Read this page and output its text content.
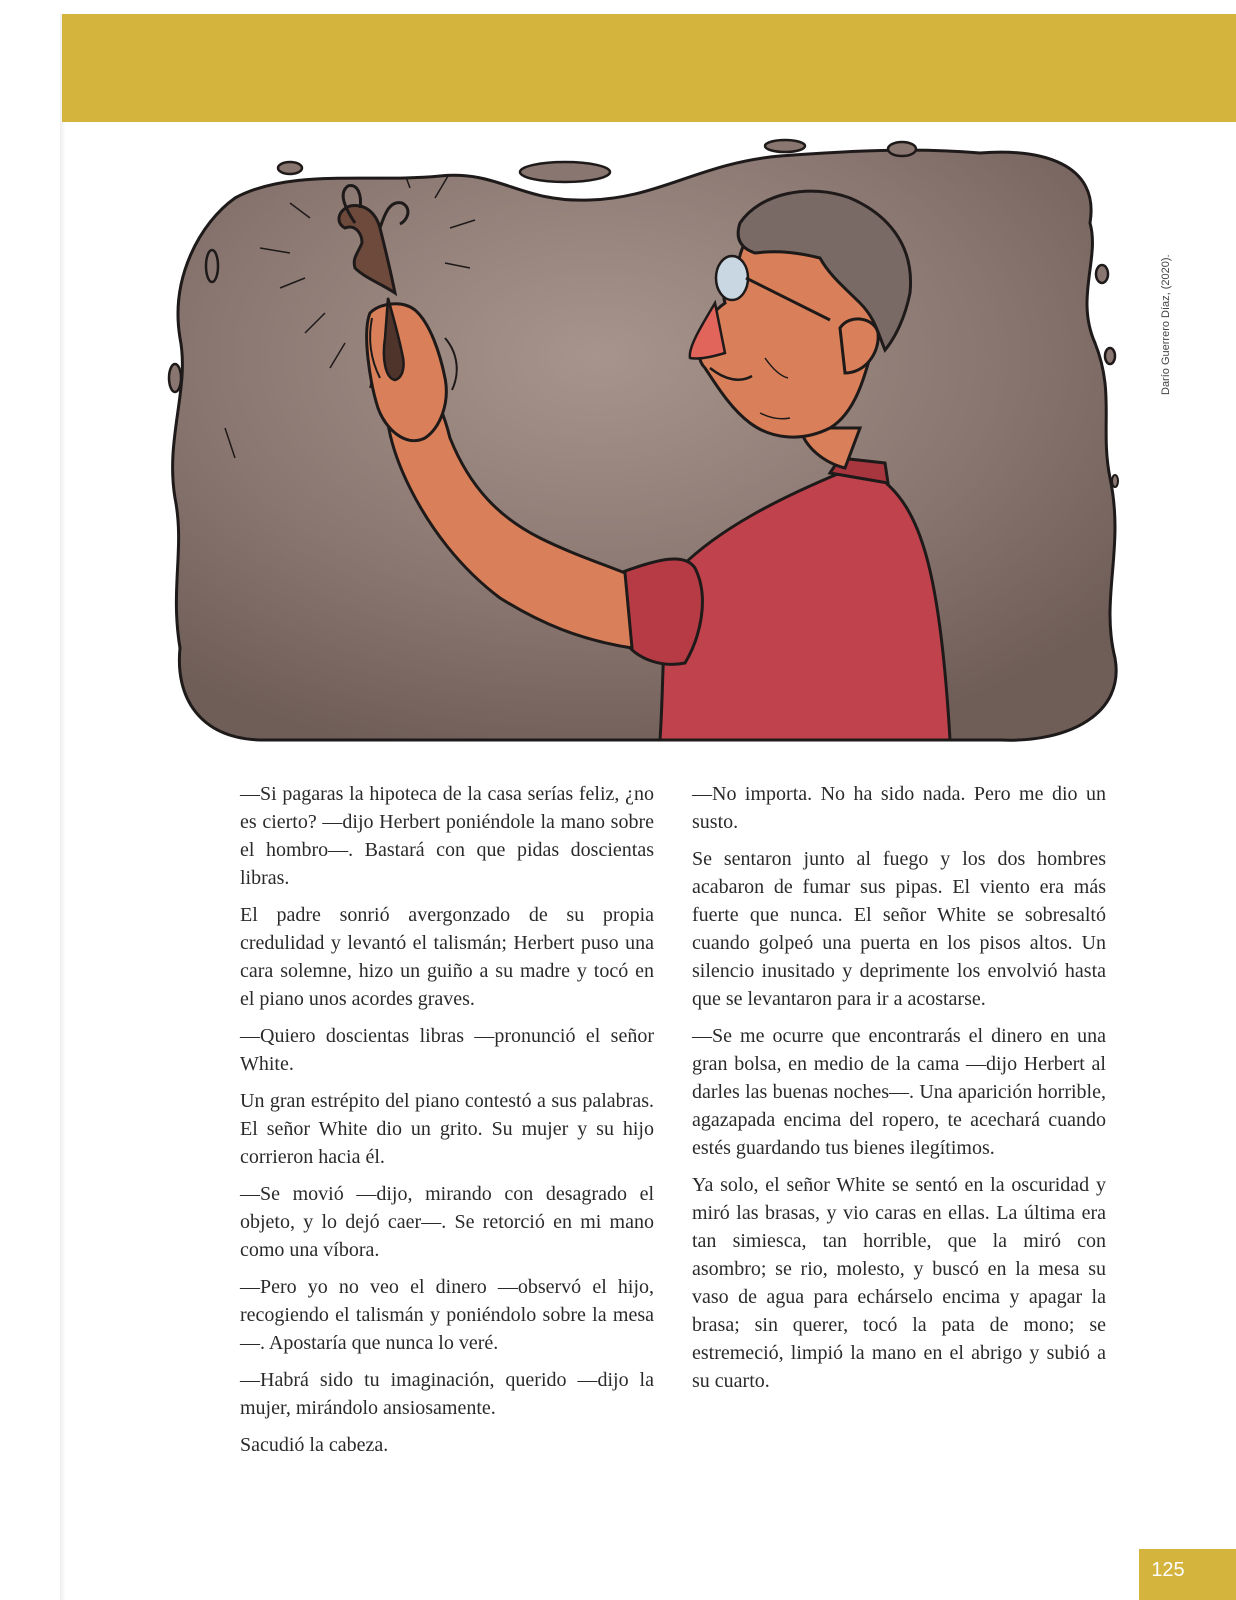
Darío Guerrero Díaz, (2020).

—Si pagaras la hipoteca de la casa serías feliz, ¿no es cierto? —dijo Herbert poniéndole la mano sobre el hombro—. Bastará con que pidas doscientas libras.

El padre sonrió avergonzado de su propia credulidad y levantó el talismán; Herbert puso una cara solemne, hizo un guiño a su madre y tocó en el piano unos acordes graves.

—Quiero doscientas libras —pronunció el señor White.

Un gran estrépito del piano contestó a sus palabras. El señor White dio un grito. Su mujer y su hijo corrieron hacia él.

—Se movió —dijo, mirando con desagrado el objeto, y lo dejó caer—. Se retorció en mi mano como una víbora.

—Pero yo no veo el dinero —observó el hijo, recogiendo el talismán y poniéndolo sobre la mesa—. Apostaría que nunca lo veré.

—Habrá sido tu imaginación, querido —dijo la mujer, mirándolo ansiosamente.

Sacudió la cabeza.

—No importa. No ha sido nada. Pero me dio un susto.

Se sentaron junto al fuego y los dos hombres acabaron de fumar sus pipas. El viento era más fuerte que nunca. El señor White se sobresaltó cuando golpeó una puerta en los pisos altos. Un silencio inusitado y deprimente los envolvió hasta que se levantaron para ir a acostarse.

—Se me ocurre que encontrarás el dinero en una gran bolsa, en medio de la cama —dijo Herbert al darles las buenas noches—. Una aparición horrible, agazapada encima del ropero, te acechará cuando estés guardando tus bienes ilegítimos.

Ya solo, el señor White se sentó en la oscuridad y miró las brasas, y vio caras en ellas. La última era tan simiesca, tan horrible, que la miró con asombro; se rio, molesto, y buscó en la mesa su vaso de agua para echárselo encima y apagar la brasa; sin querer, tocó la pata de mono; se estremeció, limpió la mano en el abrigo y subió a su cuarto.

125
